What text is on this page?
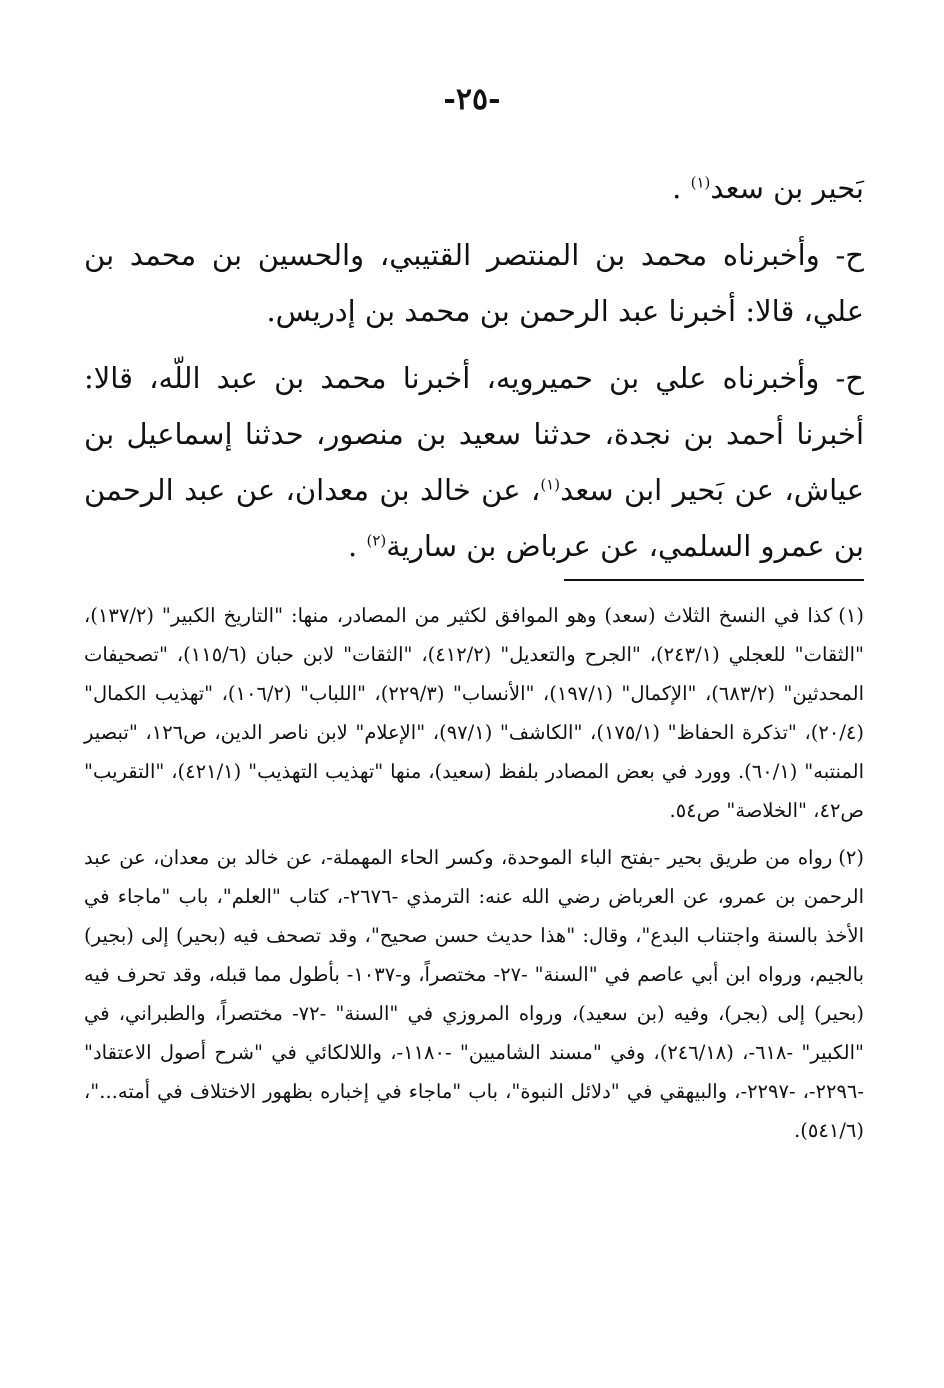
-٢٥-

بَحير بن سعد$^{(١)}$ .

ح- وأخبرناه محمد بن المنتصر القتيبي، والحسين بن محمد بن علي، قالا: أخبرنا عبد الرحمن بن محمد بن إدريس.

ح- وأخبرناه علي بن حميرويه، أخبرنا محمد بن عبد اللّه، قالا: أخبرنا أحمد بن نجدة، حدثنا سعيد بن منصور، حدثنا إسماعيل بن عياش، عن بَحير ابن سعد$^{(١)}$، عن خالد بن معدان، عن عبد الرحمن بن عمرو السلمي، عن عرباض بن سارية$^{(٢)}$ .

(١)كذا في النسخ الثلاث (سعد) وهو الموافق لكثير من المصادر، منها: "التاريخ الكبير" (١٣٧/٢)، "الثقات" للعجلي (٢٤٣/١)، "الجرح والتعديل" (٤١٢/٢)، "الثقات" لابن حبان (١١٥/٦)، "تصحيفات المحدثين" (٦٨٣/٢)، "الإكمال" (١٩٧/١)، "الأنساب" (٢٢٩/٣)، "اللباب" (١٠٦/٢)، "تهذيب الكمال" (٢٠/٤)، "تذكرة الحفاظ" (١٧٥/١)، "الكاشف" (٩٧/١)، "الإعلام" لابن ناصر الدين، ص١٢٦، "تبصير المنتبه" (٦٠/١). وورد في بعض المصادر بلفظ (سعيد)، منها "تهذيب التهذيب" (٤٢١/١)، "التقريب" ص٤٢، "الخلاصة" ص٥٤.

(٢)رواه من طريق بحير -بفتح الباء الموحدة، وكسر الحاء المهملة-، عن خالد بن معدان، عن عبد الرحمن بن عمرو، عن العرباض رضي الله عنه: الترمذي -٢٦٧٦-، كتاب "العلم"، باب "ماجاء في الأخذ بالسنة واجتناب البدع"، وقال: "هذا حديث حسن صحيح"، وقد تصحف فيه (بحير) إلى (بجير) بالجيم، ورواه ابن أبي عاصم في "السنة" -٢٧- مختصراً، و-١٠٣٧- بأطول مما قبله، وقد تحرف فيه (بحير) إلى (بجر)، وفيه (بن سعيد)، ورواه المروزي في "السنة" -٧٢- مختصراً، والطبراني، في "الكبير" -٦١٨-، (٢٤٦/١٨)، وفي "مسند الشاميين" -١١٨٠-، واللالكائي في "شرح أصول الاعتقاد" -٢٢٩٦-، -٢٢٩٧-، والبيهقي في "دلائل النبوة"، باب "ماجاء في إخباره بظهور الاختلاف في أمته..."، (٥٤١/٦).
